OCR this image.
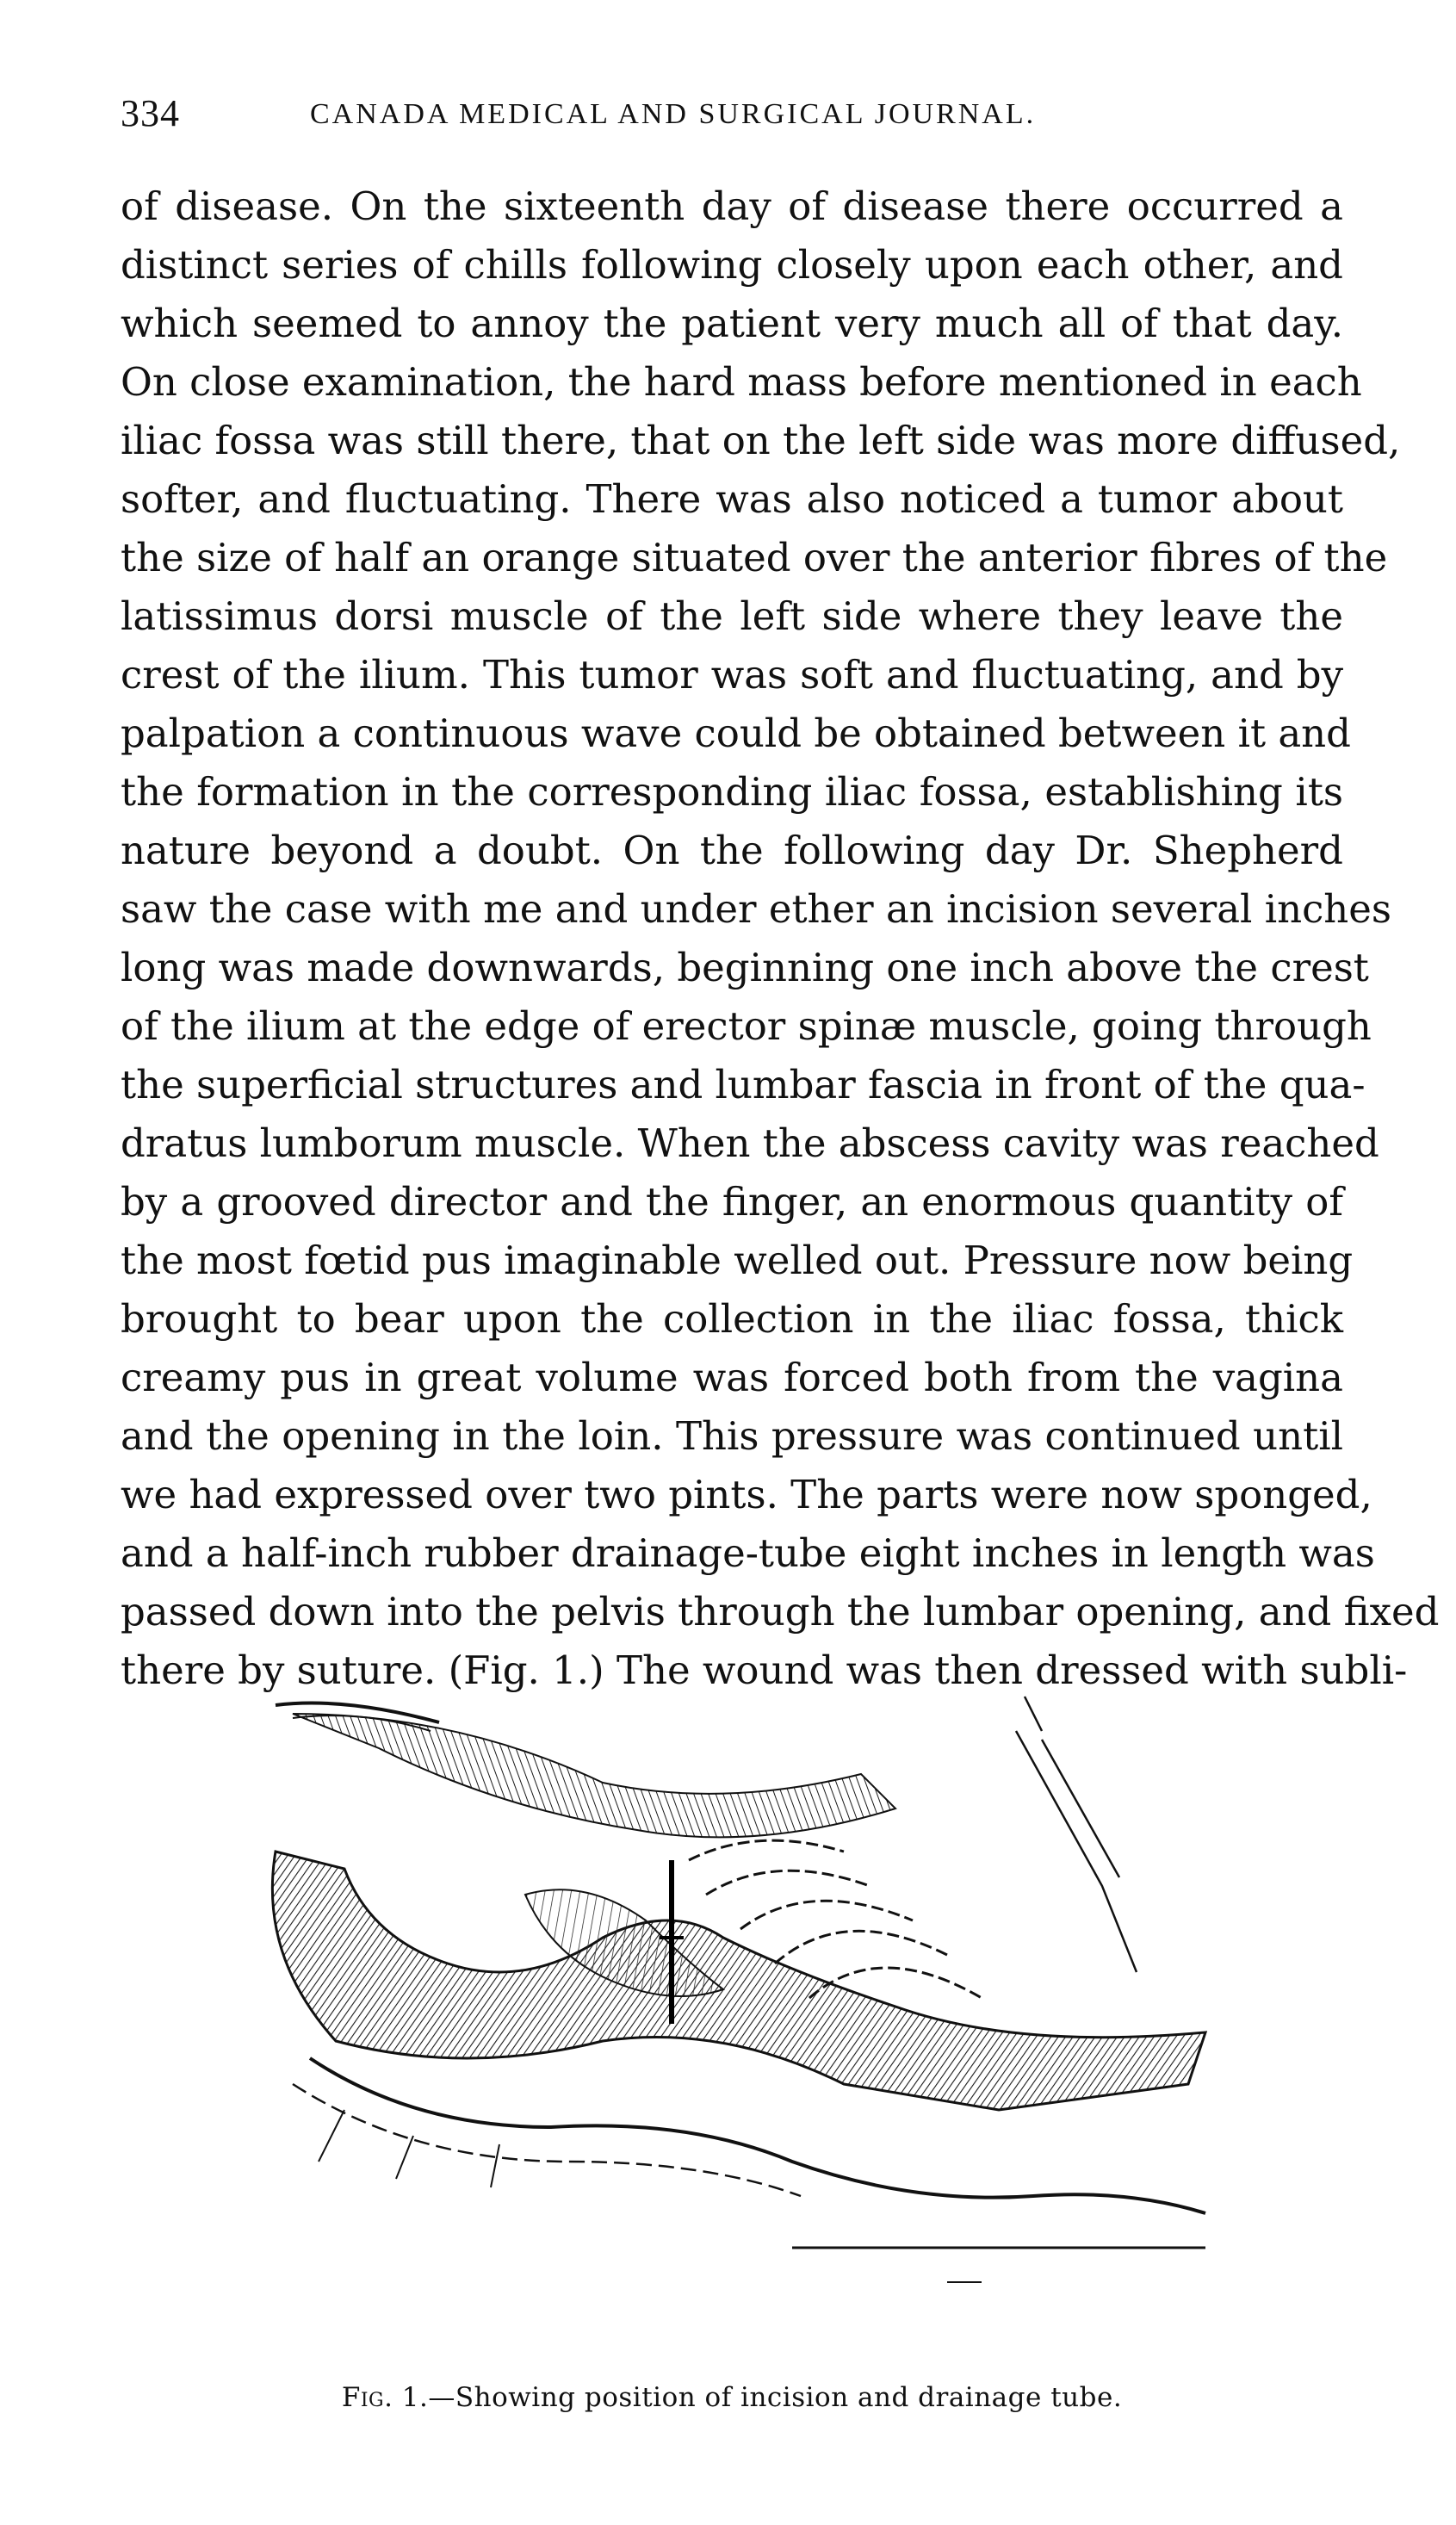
334	CANADA MEDICAL AND SURGICAL JOURNAL.
of disease. On the sixteenth day of disease there occurred a
distinct series of chills following closely upon each other, and
which seemed to annoy the patient very much all of that day.
On close examination, the hard mass before mentioned in each
iliac fossa was still there, that on the left side was more diffused,
softer, and fluctuating. There was also noticed a tumor about
the size of half an orange situated over the anterior fibres of the
latissimus dorsi muscle of the left side where they leave the
crest of the ilium. This tumor was soft and fluctuating, and by
palpation a continuous wave could be obtained between it and
the formation in the corresponding iliac fossa, establishing its
nature beyond a doubt. On the following day Dr. Shepherd
saw the case with me and under ether an incision several inches
long was made downwards, beginning one inch above the crest
of the ilium at the edge of erector spinæ muscle, going through
the superficial structures and lumbar fascia in front of the qua-
dratus lumborum muscle. When the abscess cavity was reached
by a grooved director and the finger, an enormous quantity of
the most fœtid pus imaginable welled out. Pressure now being
brought to bear upon the collection in the iliac fossa, thick
creamy pus in great volume was forced both from the vagina
and the opening in the loin. This pressure was continued until
we had expressed over two pints. The parts were now sponged,
and a half-inch rubber drainage-tube eight inches in length was
passed down into the pelvis through the lumbar opening, and fixed
there by suture. (Fig. 1.) The wound was then dressed with subli-
Fig. 1.—Showing position of incision and drainage tube.
